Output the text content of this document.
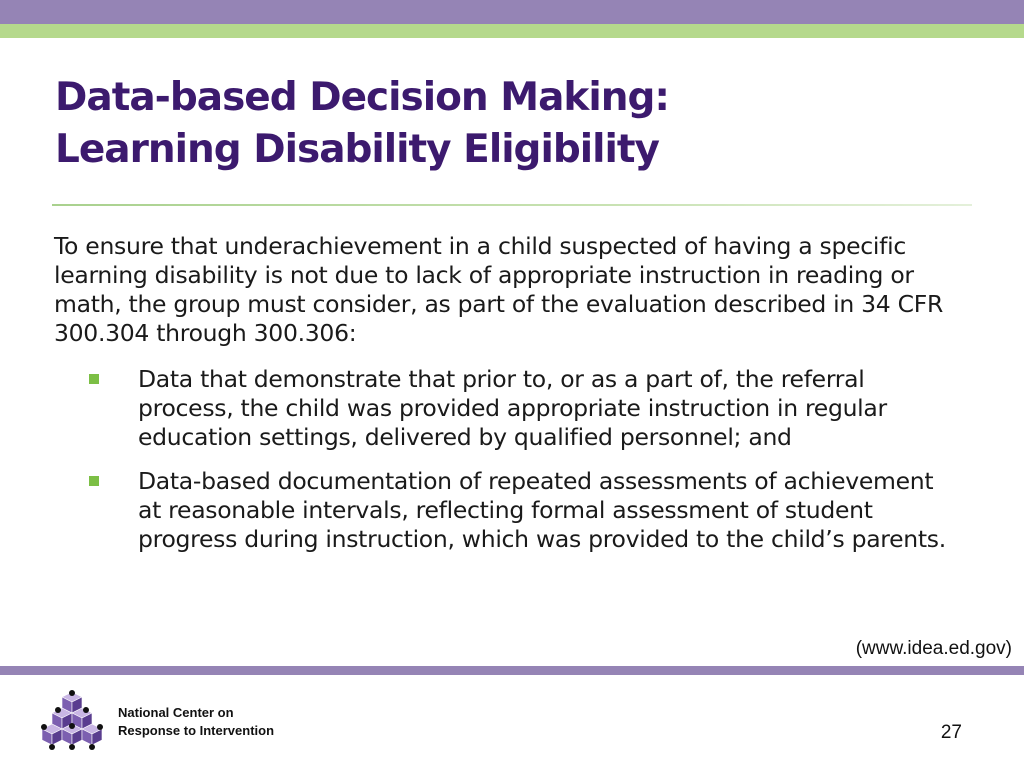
Data-based Decision Making:
Learning Disability Eligibility

To ensure that underachievement in a child suspected of having a specific learning disability is not due to lack of appropriate instruction in reading or math, the group must consider, as part of the evaluation described in 34 CFR 300.304 through 300.306:

Data that demonstrate that prior to, or as a part of, the referral process, the child was provided appropriate instruction in regular education settings, delivered by qualified personnel; and
Data-based documentation of repeated assessments of achievement at reasonable intervals, reflecting formal assessment of student progress during instruction, which was provided to the child’s parents.
(www.idea.ed.gov)
National Center on
Response to Intervention	27
